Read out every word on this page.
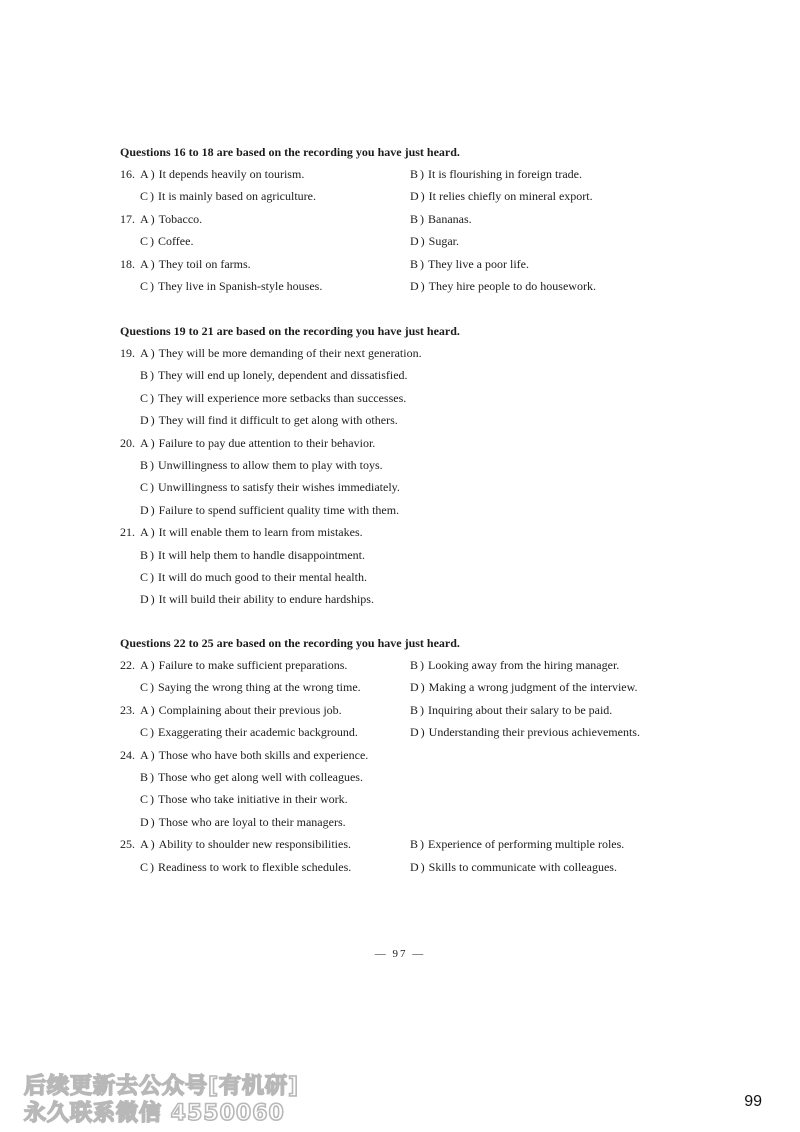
Questions 16 to 18 are based on the recording you have just heard.
16. A ) It depends heavily on tourism.	B ) It is flourishing in foreign trade.
C ) It is mainly based on agriculture.	D ) It relies chiefly on mineral export.
17. A ) Tobacco.	B ) Bananas.
C ) Coffee.	D ) Sugar.
18. A ) They toil on farms.	B ) They live a poor life.
C ) They live in Spanish-style houses.	D ) They hire people to do housework.
Questions 19 to 21 are based on the recording you have just heard.
19. A ) They will be more demanding of their next generation.
B ) They will end up lonely, dependent and dissatisfied.
C ) They will experience more setbacks than successes.
D ) They will find it difficult to get along with others.
20. A ) Failure to pay due attention to their behavior.
B ) Unwillingness to allow them to play with toys.
C ) Unwillingness to satisfy their wishes immediately.
D ) Failure to spend sufficient quality time with them.
21. A ) It will enable them to learn from mistakes.
B ) It will help them to handle disappointment.
C ) It will do much good to their mental health.
D ) It will build their ability to endure hardships.
Questions 22 to 25 are based on the recording you have just heard.
22. A ) Failure to make sufficient preparations.	B ) Looking away from the hiring manager.
C ) Saying the wrong thing at the wrong time.	D ) Making a wrong judgment of the interview.
23. A ) Complaining about their previous job.	B ) Inquiring about their salary to be paid.
C ) Exaggerating their academic background.	D ) Understanding their previous achievements.
24. A ) Those who have both skills and experience.
B ) Those who get along well with colleagues.
C ) Those who take initiative in their work.
D ) Those who are loyal to their managers.
25. A ) Ability to shoulder new responsibilities.	B ) Experience of performing multiple roles.
C ) Readiness to work to flexible schedules.	D ) Skills to communicate with colleagues.
— 97 —
后续更新去公众号[有机研]
永久联系微信 4550060	99
